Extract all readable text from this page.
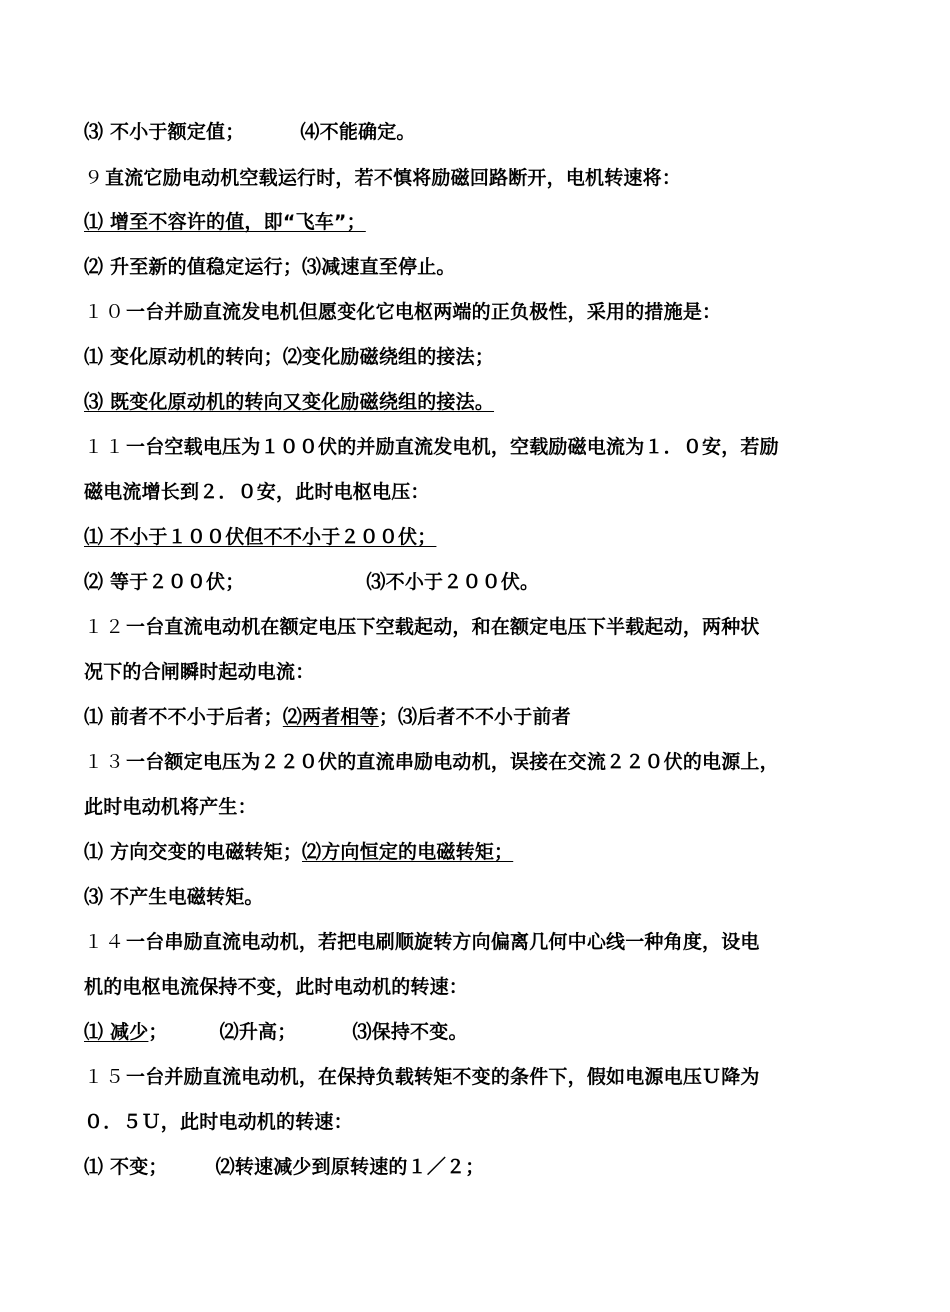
⑶ 不小于额定值；	⑷不能确定。
９直流它励电动机空载运行时，若不慎将励磁回路断开，电机转速将：
⑴ 增至不容许的值，即“飞车”；
⑵ 升至新的值稳定运行；⑶减速直至停止。
１０一台并励直流发电机但愿变化它电枢两端的正负极性，采用的措施是：
⑴ 变化原动机的转向；⑵变化励磁绕组的接法；
⑶ 既变化原动机的转向又变化励磁绕组的接法。
１１一台空载电压为１００伏的并励直流发电机，空载励磁电流为１．０安，若励
磁电流增长到２．０安，此时电枢电压：
⑴ 不小于１００伏但不不小于２００伏；
⑵ 等于２００伏；	⑶不小于２００伏。
１２一台直流电动机在额定电压下空载起动，和在额定电压下半载起动，两种状
况下的合闸瞬时起动电流：
⑴ 前者不不小于后者；⑵两者相等；⑶后者不不小于前者
１３一台额定电压为２２０伏的直流串励电动机，误接在交流２２０伏的电源上，
此时电动机将产生：
⑴ 方向交变的电磁转矩；⑵方向恒定的电磁转矩；
⑶ 不产生电磁转矩。
１４一台串励直流电动机，若把电刷顺旋转方向偏离几何中心线一种角度，设电
机的电枢电流保持不变，此时电动机的转速：
⑴ 减少；	⑵升高；	⑶保持不变。
１５一台并励直流电动机，在保持负载转矩不变的条件下，假如电源电压Ｕ降为
０．５Ｕ，此时电动机的转速：
⑴ 不变；	⑵转速减少到原转速的１／２；
